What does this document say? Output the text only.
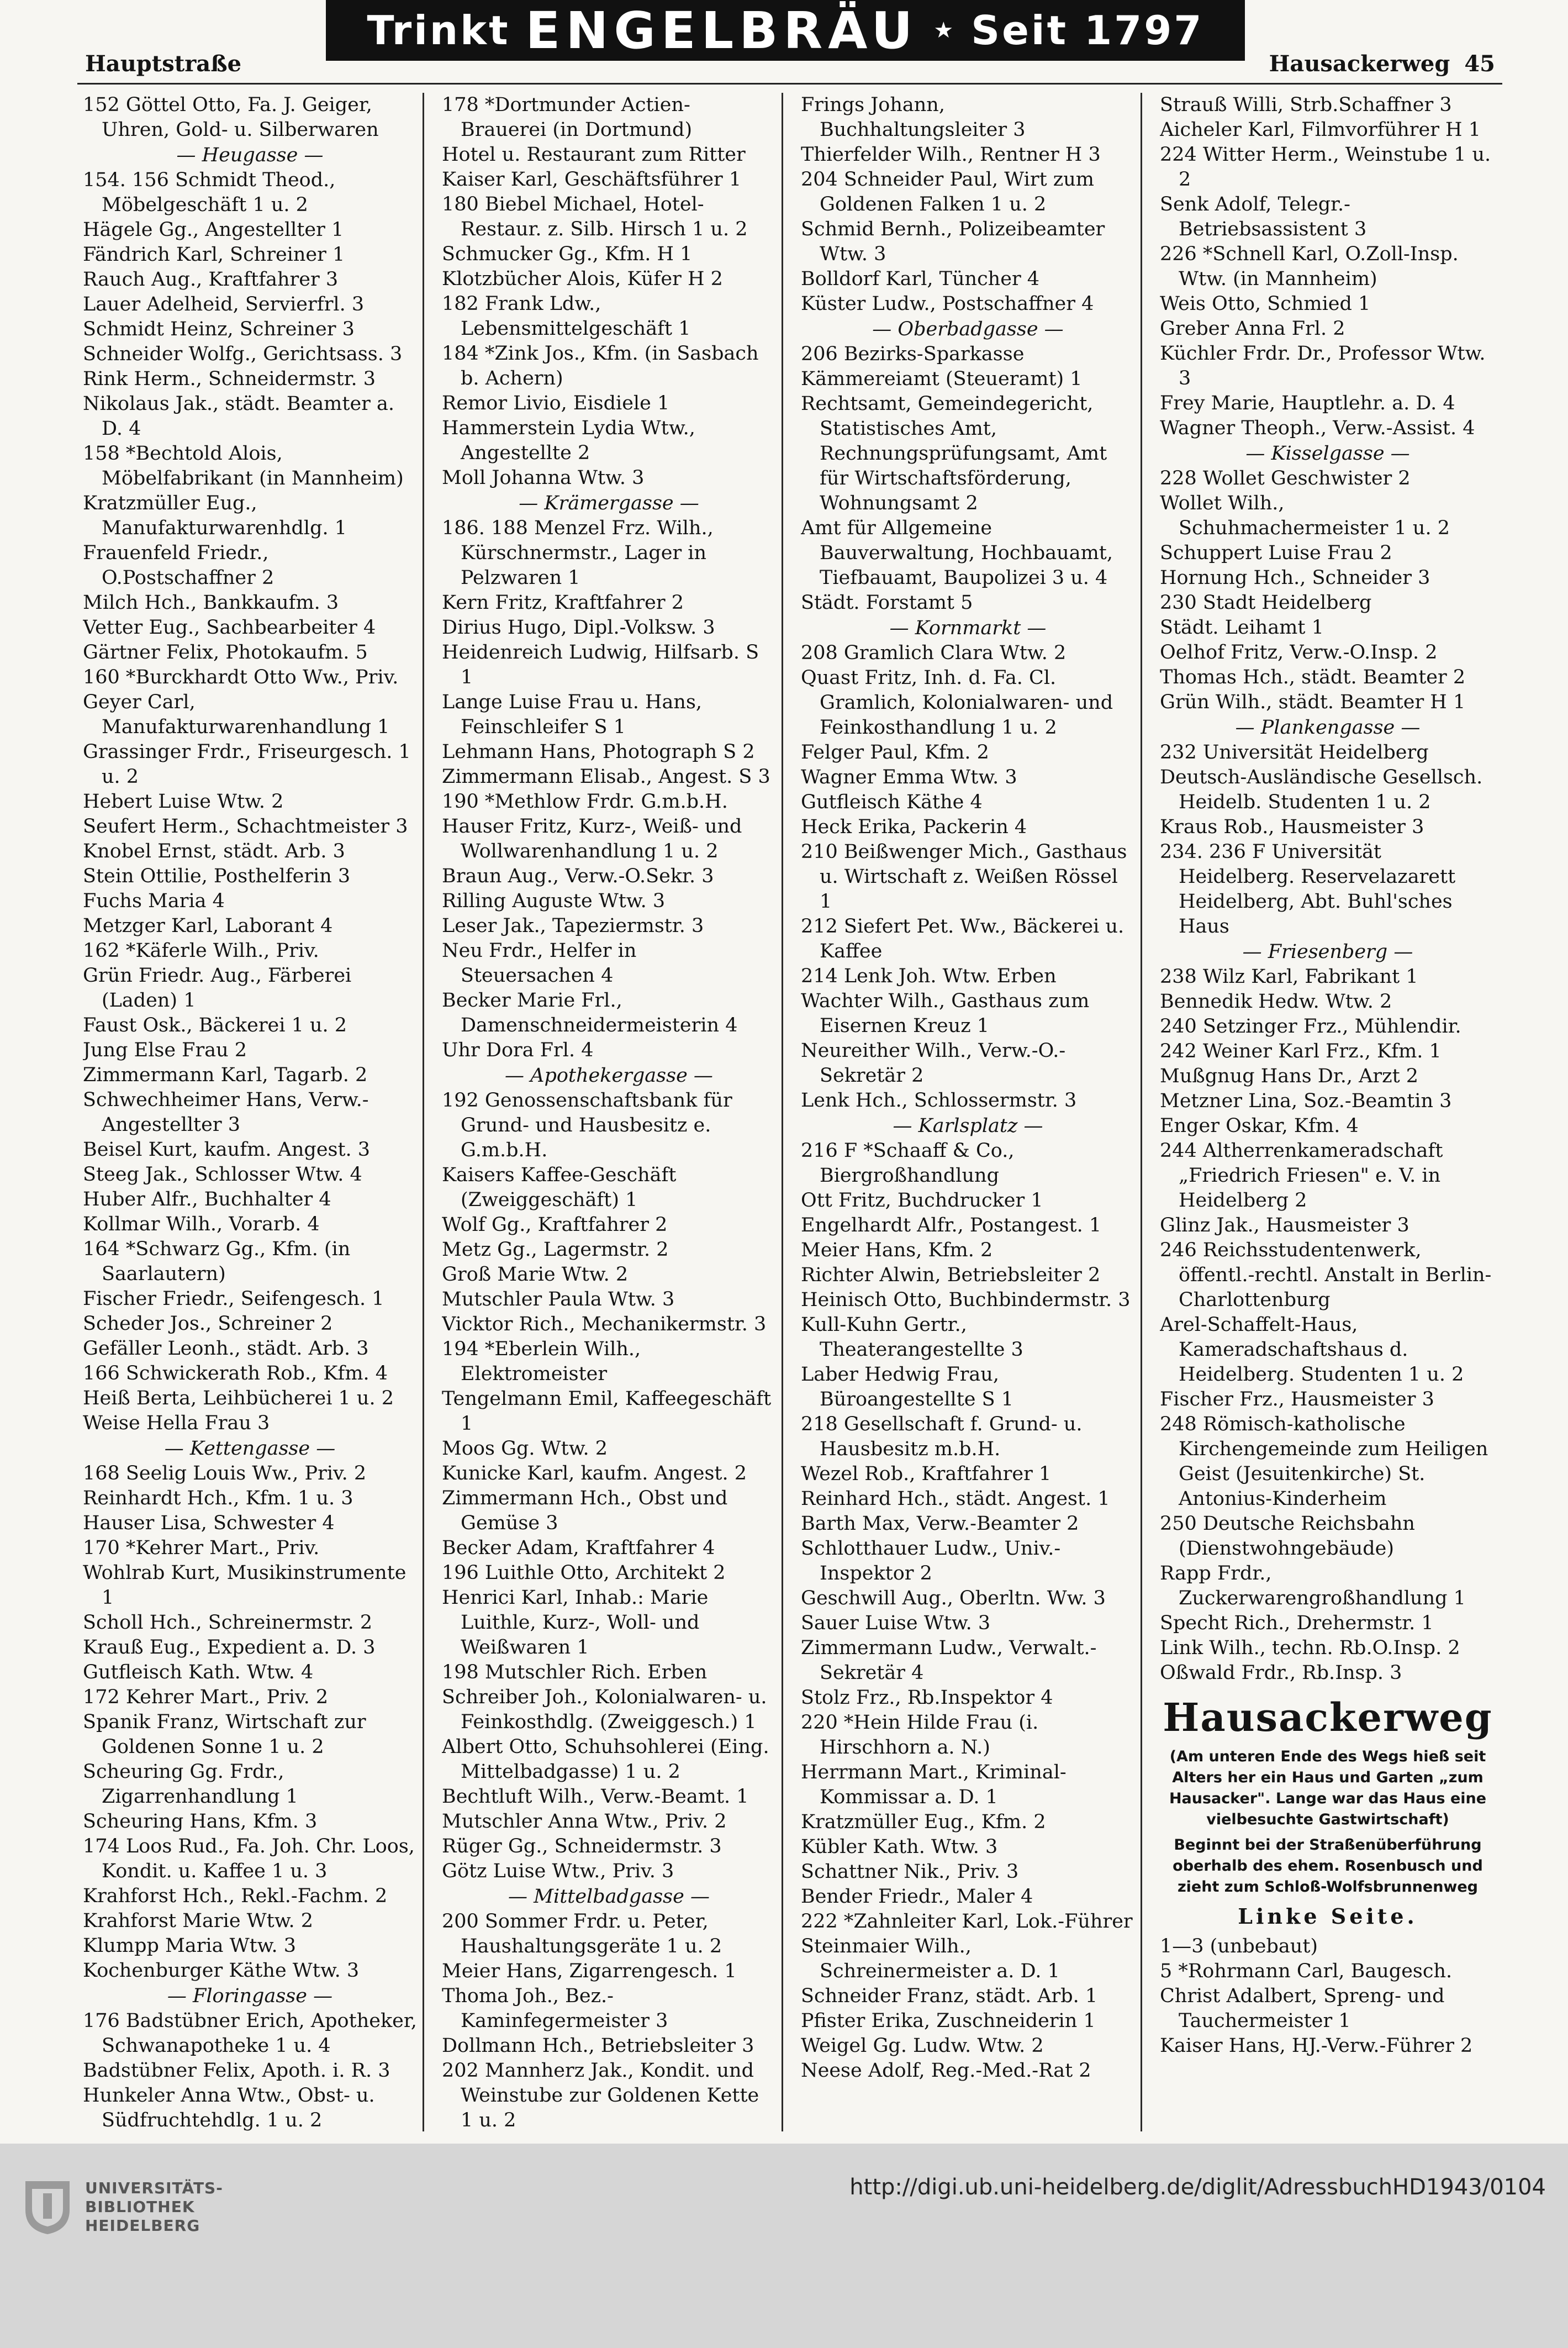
Trinkt ENGELBRÄU ★ Seit 1797
Hauptstraße	Hausackerweg 45
152 Göttel Otto, Fa. J. Geiger, Uhren, Gold- u. Silberwaren
— Heugasse —
154. 156 Schmidt Theod., Möbelgeschäft 1 u. 2
Hägele Gg., Angestellter 1
Fändrich Karl, Schreiner 1
Rauch Aug., Kraftfahrer 3
Lauer Adelheid, Servierfrl. 3
Schmidt Heinz, Schreiner 3
Schneider Wolfg., Gerichtsass. 3
Rink Herm., Schneidermstr. 3
Nikolaus Jak., städt. Beamter a. D. 4
158 *Bechtold Alois, Möbelfabrikant (in Mannheim)
Kratzmüller Eug., Manufakturwarenhdlg. 1
Frauenfeld Friedr., O.Postschaffner 2
Milch Hch., Bankkaufm. 3
Vetter Eug., Sachbearbeiter 4
Gärtner Felix, Photokaufm. 5
160 *Burckhardt Otto Ww., Priv.
Geyer Carl, Manufakturwarenhandlung 1
Grassinger Frdr., Friseurgesch. 1 u. 2
Hebert Luise Wtw. 2
Seufert Herm., Schachtmeister 3
Knobel Ernst, städt. Arb. 3
Stein Ottilie, Posthelferin 3
Fuchs Maria 4
Metzger Karl, Laborant 4
162 *Käferle Wilh., Priv.
Grün Friedr. Aug., Färberei (Laden) 1
Faust Osk., Bäckerei 1 u. 2
Jung Else Frau 2
Zimmermann Karl, Tagarb. 2
Schwechheimer Hans, Verw.-Angestellter 3
Beisel Kurt, kaufm. Angest. 3
Steeg Jak., Schlosser Wtw. 4
Huber Alfr., Buchhalter 4
Kollmar Wilh., Vorarb. 4
164 *Schwarz Gg., Kfm. (in Saarlautern)
Fischer Friedr., Seifengesch. 1
Scheder Jos., Schreiner 2
Gefäller Leonh., städt. Arb. 3
166 Schwickerath Rob., Kfm. 4
Heiß Berta, Leihbücherei 1 u. 2
Weise Hella Frau 3
— Kettengasse —
168 Seelig Louis Ww., Priv. 2
Reinhardt Hch., Kfm. 1 u. 3
Hauser Lisa, Schwester 4
170 *Kehrer Mart., Priv.
Wohlrab Kurt, Musikinstrumente 1
Scholl Hch., Schreinermstr. 2
Krauß Eug., Expedient a. D. 3
Gutfleisch Kath. Wtw. 4
172 Kehrer Mart., Priv. 2
Spanik Franz, Wirtschaft zur Goldenen Sonne 1 u. 2
Scheuring Gg. Frdr., Zigarrenhandlung 1
Scheuring Hans, Kfm. 3
174 Loos Rud., Fa. Joh. Chr. Loos, Kondit. u. Kaffee 1 u. 3
Krahforst Hch., Rekl.-Fachm. 2
Krahforst Marie Wtw. 2
Klumpp Maria Wtw. 3
Kochenburger Käthe Wtw. 3
— Floringasse —
176 Badstübner Erich, Apotheker, Schwanapotheke 1 u. 4
Badstübner Felix, Apoth. i. R. 3
Hunkeler Anna Wtw., Obst- u. Südfruchtehdlg. 1 u. 2
178 *Dortmunder Actien-Brauerei (in Dortmund)
Hotel u. Restaurant zum Ritter
Kaiser Karl, Geschäftsführer 1
180 Biebel Michael, Hotel-Restaur. z. Silb. Hirsch 1 u. 2
Schmucker Gg., Kfm. H 1
Klotzbücher Alois, Küfer H 2
182 Frank Ldw., Lebensmittelgeschäft 1
184 *Zink Jos., Kfm. (in Sasbach b. Achern)
Remor Livio, Eisdiele 1
Hammerstein Lydia Wtw., Angestellte 2
Moll Johanna Wtw. 3
— Krämergasse —
186. 188 Menzel Frz. Wilh., Kürschnermstr., Lager in Pelzwaren 1
Kern Fritz, Kraftfahrer 2
Dirius Hugo, Dipl.-Volksw. 3
Heidenreich Ludwig, Hilfsarb. S 1
Lange Luise Frau u. Hans, Feinschleifer S 1
Lehmann Hans, Photograph S 2
Zimmermann Elisab., Angest. S 3
190 *Methlow Frdr. G.m.b.H.
Hauser Fritz, Kurz-, Weiß- und Wollwarenhandlung 1 u. 2
Braun Aug., Verw.-O.Sekr. 3
Rilling Auguste Wtw. 3
Leser Jak., Tapeziermstr. 3
Neu Frdr., Helfer in Steuersachen 4
Becker Marie Frl., Damenschneidermeisterin 4
Uhr Dora Frl. 4
— Apothekergasse —
192 Genossenschaftsbank für Grund- und Hausbesitz e. G.m.b.H.
Kaisers Kaffee-Geschäft (Zweiggeschäft) 1
Wolf Gg., Kraftfahrer 2
Metz Gg., Lagermstr. 2
Groß Marie Wtw. 2
Mutschler Paula Wtw. 3
Vicktor Rich., Mechanikermstr. 3
194 *Eberlein Wilh., Elektromeister
Tengelmann Emil, Kaffeegeschäft 1
Moos Gg. Wtw. 2
Kunicke Karl, kaufm. Angest. 2
Zimmermann Hch., Obst und Gemüse 3
Becker Adam, Kraftfahrer 4
196 Luithle Otto, Architekt 2
Henrici Karl, Inhab.: Marie Luithle, Kurz-, Woll- und Weißwaren 1
198 Mutschler Rich. Erben
Schreiber Joh., Kolonialwaren- u. Feinkosthdlg. (Zweiggesch.) 1
Albert Otto, Schuhsohlerei (Eing. Mittelbadgasse) 1 u. 2
Bechtluft Wilh., Verw.-Beamt. 1
Mutschler Anna Wtw., Priv. 2
Rüger Gg., Schneidermstr. 3
Götz Luise Wtw., Priv. 3
— Mittelbadgasse —
200 Sommer Frdr. u. Peter, Haushaltungsgeräte 1 u. 2
Meier Hans, Zigarrengesch. 1
Thoma Joh., Bez.-Kaminfegermeister 3
Dollmann Hch., Betriebsleiter 3
202 Mannherz Jak., Kondit. und Weinstube zur Goldenen Kette 1 u. 2
Frings Johann, Buchhaltungsleiter 3
Thierfelder Wilh., Rentner H 3
204 Schneider Paul, Wirt zum Goldenen Falken 1 u. 2
Schmid Bernh., Polizeibeamter Wtw. 3
Bolldorf Karl, Tüncher 4
Küster Ludw., Postschaffner 4
— Oberbadgasse —
206 Bezirks-Sparkasse
Kämmereiamt (Steueramt) 1
Rechtsamt, Gemeindegericht, Statistisches Amt, Rechnungsprüfungsamt, Amt für Wirtschaftsförderung, Wohnungsamt 2
Amt für Allgemeine Bauverwaltung, Hochbauamt, Tiefbauamt, Baupolizei 3 u. 4
Städt. Forstamt 5
— Kornmarkt —
208 Gramlich Clara Wtw. 2
Quast Fritz, Inh. d. Fa. Cl. Gramlich, Kolonialwaren- und Feinkosthandlung 1 u. 2
Felger Paul, Kfm. 2
Wagner Emma Wtw. 3
Gutfleisch Käthe 4
Heck Erika, Packerin 4
210 Beißwenger Mich., Gasthaus u. Wirtschaft z. Weißen Rössel 1
212 Siefert Pet. Ww., Bäckerei u. Kaffee
214 Lenk Joh. Wtw. Erben
Wachter Wilh., Gasthaus zum Eisernen Kreuz 1
Neureither Wilh., Verw.-O.-Sekretär 2
Lenk Hch., Schlossermstr. 3
— Karlsplatz —
216 F *Schaaff & Co., Biergroßhandlung
Ott Fritz, Buchdrucker 1
Engelhardt Alfr., Postangest. 1
Meier Hans, Kfm. 2
Richter Alwin, Betriebsleiter 2
Heinisch Otto, Buchbindermstr. 3
Kull-Kuhn Gertr., Theaterangestellte 3
Laber Hedwig Frau, Büroangestellte S 1
218 Gesellschaft f. Grund- u. Hausbesitz m.b.H.
Wezel Rob., Kraftfahrer 1
Reinhard Hch., städt. Angest. 1
Barth Max, Verw.-Beamter 2
Schlotthauer Ludw., Univ.-Inspektor 2
Geschwill Aug., Oberltn. Ww. 3
Sauer Luise Wtw. 3
Zimmermann Ludw., Verwalt.-Sekretär 4
Stolz Frz., Rb.Inspektor 4
220 *Hein Hilde Frau (i. Hirschhorn a. N.)
Herrmann Mart., Kriminal-Kommissar a. D. 1
Kratzmüller Eug., Kfm. 2
Kübler Kath. Wtw. 3
Schattner Nik., Priv. 3
Bender Friedr., Maler 4
222 *Zahnleiter Karl, Lok.-Führer
Steinmaier Wilh., Schreinermeister a. D. 1
Schneider Franz, städt. Arb. 1
Pfister Erika, Zuschneiderin 1
Weigel Gg. Ludw. Wtw. 2
Neese Adolf, Reg.-Med.-Rat 2
Strauß Willi, Strb.Schaffner 3
Aicheler Karl, Filmvorführer H 1
224 Witter Herm., Weinstube 1 u. 2
Senk Adolf, Telegr.-Betriebsassistent 3
226 *Schnell Karl, O.Zoll-Insp. Wtw. (in Mannheim)
Weis Otto, Schmied 1
Greber Anna Frl. 2
Küchler Frdr. Dr., Professor Wtw. 3
Frey Marie, Hauptlehr. a. D. 4
Wagner Theoph., Verw.-Assist. 4
— Kisselgasse —
228 Wollet Geschwister 2
Wollet Wilh., Schuhmachermeister 1 u. 2
Schuppert Luise Frau 2
Hornung Hch., Schneider 3
230 Stadt Heidelberg
Städt. Leihamt 1
Oelhof Fritz, Verw.-O.Insp. 2
Thomas Hch., städt. Beamter 2
Grün Wilh., städt. Beamter H 1
— Plankengasse —
232 Universität Heidelberg
Deutsch-Ausländische Gesellsch. Heidelb. Studenten 1 u. 2
Kraus Rob., Hausmeister 3
234. 236 F Universität Heidelberg. Reservelazarett Heidelberg, Abt. Buhl'sches Haus
— Friesenberg —
238 Wilz Karl, Fabrikant 1
Bennedik Hedw. Wtw. 2
240 Setzinger Frz., Mühlendir.
242 Weiner Karl Frz., Kfm. 1
Mußgnug Hans Dr., Arzt 2
Metzner Lina, Soz.-Beamtin 3
Enger Oskar, Kfm. 4
244 Altherrenkameradschaft „Friedrich Friesen" e. V. in Heidelberg 2
Glinz Jak., Hausmeister 3
246 Reichsstudentenwerk, öffentl.-rechtl. Anstalt in Berlin-Charlottenburg
Arel-Schaffelt-Haus, Kameradschaftshaus d. Heidelberg. Studenten 1 u. 2
Fischer Frz., Hausmeister 3
248 Römisch-katholische Kirchengemeinde zum Heiligen Geist (Jesuitenkirche) St. Antonius-Kinderheim
250 Deutsche Reichsbahn (Dienstwohngebäude)
Rapp Frdr., Zuckerwarengroßhandlung 1
Specht Rich., Drehermstr. 1
Link Wilh., techn. Rb.O.Insp. 2
Oßwald Frdr., Rb.Insp. 3
Hausackerweg
(Am unteren Ende des Wegs hieß seit Alters her ein Haus und Garten „zum Hausacker". Lange war das Haus eine vielbesuchte Gastwirtschaft)
Beginnt bei der Straßenüberführung oberhalb des ehem. Rosenbusch und zieht zum Schloß-Wolfsbrunnenweg
Linke Seite.
1—3 (unbebaut)
5 *Rohrmann Carl, Baugesch.
Christ Adalbert, Spreng- und Tauchermeister 1
Kaiser Hans, HJ.-Verw.-Führer 2
UNIVERSITÄTS-
BIBLIOTHEK
HEIDELBERG
http://digi.ub.uni-heidelberg.de/diglit/AdressbuchHD1943/0104
